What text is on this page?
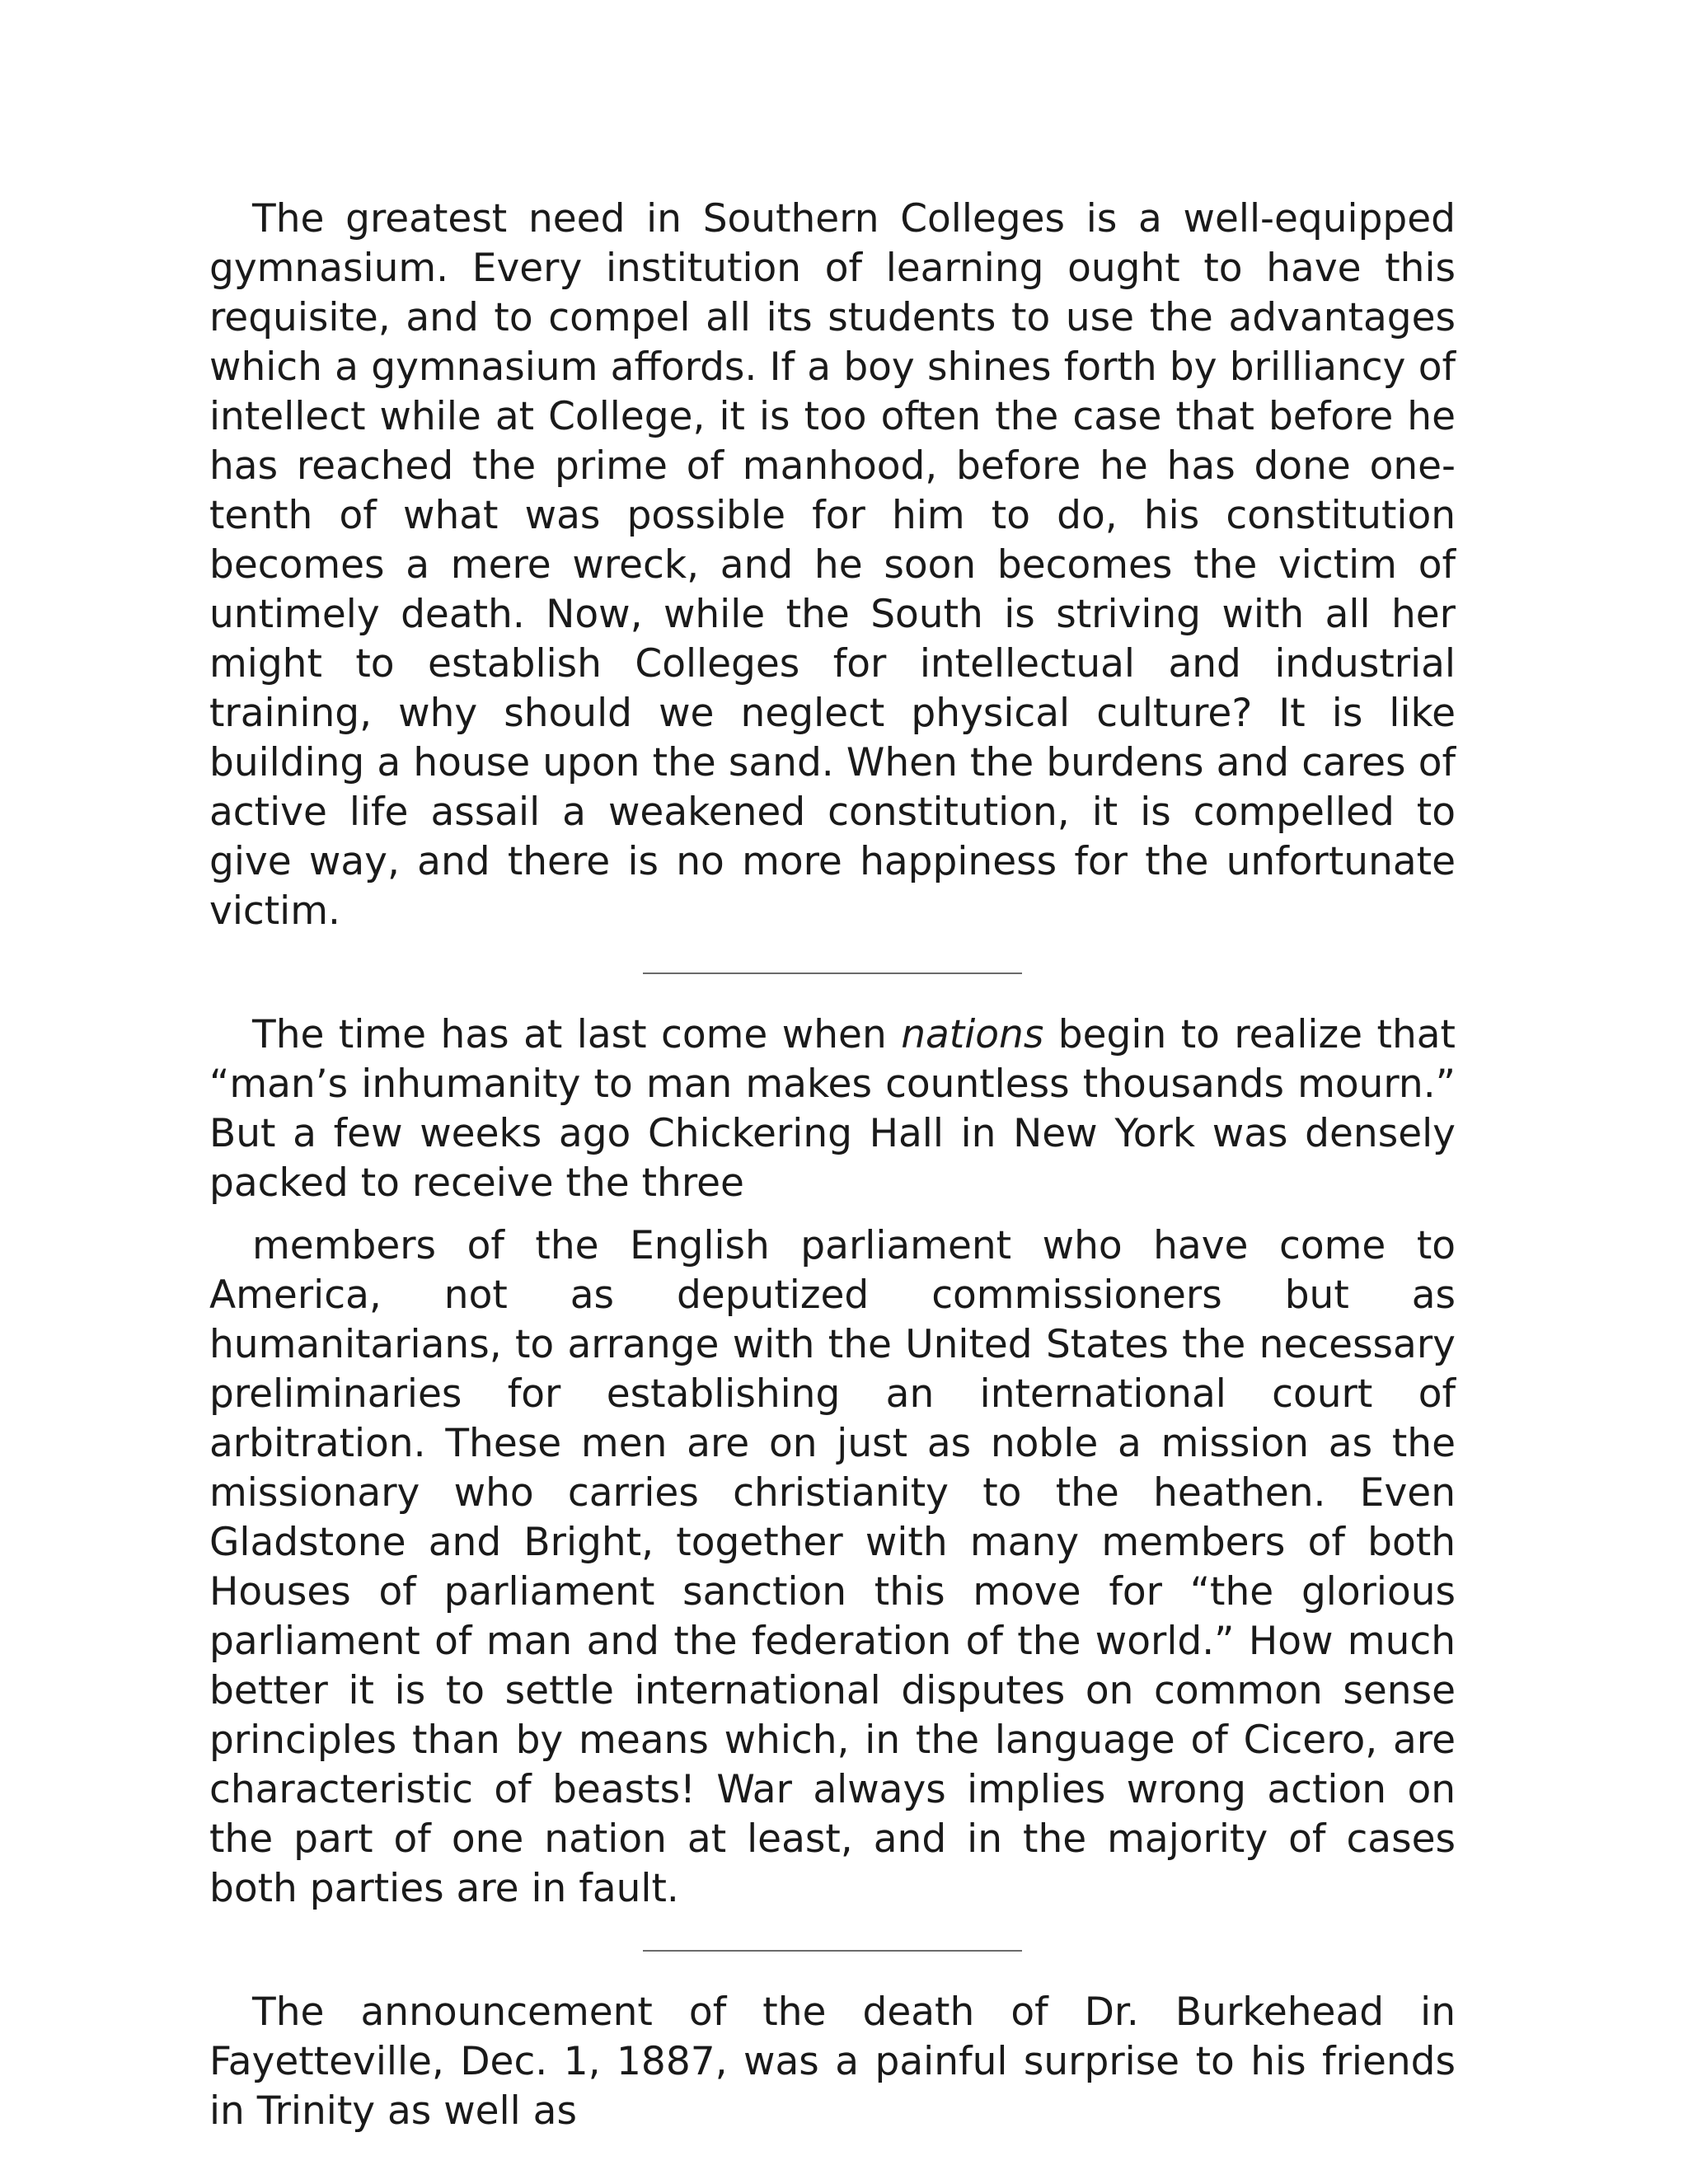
The greatest need in Southern Colleges is a well-equipped gymnasium. Every institution of learning ought to have this requisite, and to compel all its students to use the advantages which a gymnasium affords. If a boy shines forth by brilliancy of intellect while at College, it is too often the case that before he has reached the prime of manhood, before he has done one-tenth of what was possible for him to do, his constitution becomes a mere wreck, and he soon becomes the victim of untimely death. Now, while the South is striving with all her might to establish Colleges for intellectual and industrial training, why should we neglect physical culture? It is like building a house upon the sand. When the burdens and cares of active life assail a weakened constitution, it is compelled to give way, and there is no more happiness for the unfortunate victim.

The time has at last come when nations begin to realize that “man’s inhumanity to man makes countless thousands mourn.” But a few weeks ago Chickering Hall in New York was densely packed to receive the three

members of the English parliament who have come to America, not as deputized commissioners but as humanitarians, to arrange with the United States the necessary preliminaries for establishing an international court of arbitration. These men are on just as noble a mission as the missionary who carries christianity to the heathen. Even Gladstone and Bright, together with many members of both Houses of parliament sanction this move for “the glorious parliament of man and the federation of the world.” How much better it is to settle international disputes on common sense principles than by means which, in the language of Cicero, are characteristic of beasts! War always implies wrong action on the part of one nation at least, and in the majority of cases both parties are in fault.

The announcement of the death of Dr. Burkehead in Fayetteville, Dec. 1, 1887, was a painful surprise to his friends in Trinity as well as
